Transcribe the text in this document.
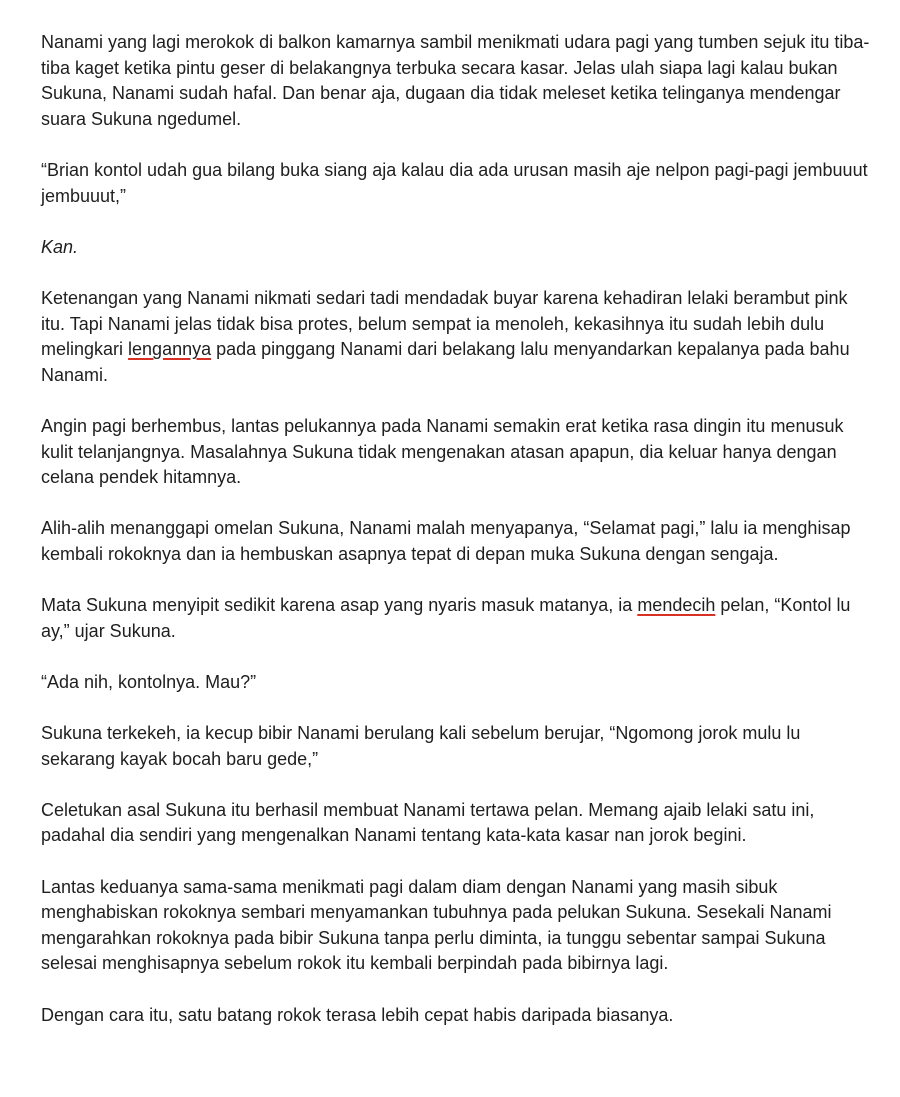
Nanami yang lagi merokok di balkon kamarnya sambil menikmati udara pagi yang tumben sejuk itu tiba-tiba kaget ketika pintu geser di belakangnya terbuka secara kasar. Jelas ulah siapa lagi kalau bukan Sukuna, Nanami sudah hafal. Dan benar aja, dugaan dia tidak meleset ketika telinganya mendengar suara Sukuna ngedumel.

“Brian kontol udah gua bilang buka siang aja kalau dia ada urusan masih aje nelpon pagi-pagi jembuuut jembuuut,”

Kan.

Ketenangan yang Nanami nikmati sedari tadi mendadak buyar karena kehadiran lelaki berambut pink itu. Tapi Nanami jelas tidak bisa protes, belum sempat ia menoleh, kekasihnya itu sudah lebih dulu melingkari lengannya pada pinggang Nanami dari belakang lalu menyandarkan kepalanya pada bahu Nanami.

Angin pagi berhembus, lantas pelukannya pada Nanami semakin erat ketika rasa dingin itu menusuk kulit telanjangnya. Masalahnya Sukuna tidak mengenakan atasan apapun, dia keluar hanya dengan celana pendek hitamnya.

Alih-alih menanggapi omelan Sukuna, Nanami malah menyapanya, “Selamat pagi,” lalu ia menghisap kembali rokoknya dan ia hembuskan asapnya tepat di depan muka Sukuna dengan sengaja.

Mata Sukuna menyipit sedikit karena asap yang nyaris masuk matanya, ia mendecih pelan, “Kontol lu ay,” ujar Sukuna.

“Ada nih, kontolnya. Mau?”

Sukuna terkekeh, ia kecup bibir Nanami berulang kali sebelum berujar, “Ngomong jorok mulu lu sekarang kayak bocah baru gede,”

Celetukan asal Sukuna itu berhasil membuat Nanami tertawa pelan. Memang ajaib lelaki satu ini, padahal dia sendiri yang mengenalkan Nanami tentang kata-kata kasar nan jorok begini.

Lantas keduanya sama-sama menikmati pagi dalam diam dengan Nanami yang masih sibuk menghabiskan rokoknya sembari menyamankan tubuhnya pada pelukan Sukuna. Sesekali Nanami mengarahkan rokoknya pada bibir Sukuna tanpa perlu diminta, ia tunggu sebentar sampai Sukuna selesai menghisapnya sebelum rokok itu kembali berpindah pada bibirnya lagi.

Dengan cara itu, satu batang rokok terasa lebih cepat habis daripada biasanya.
